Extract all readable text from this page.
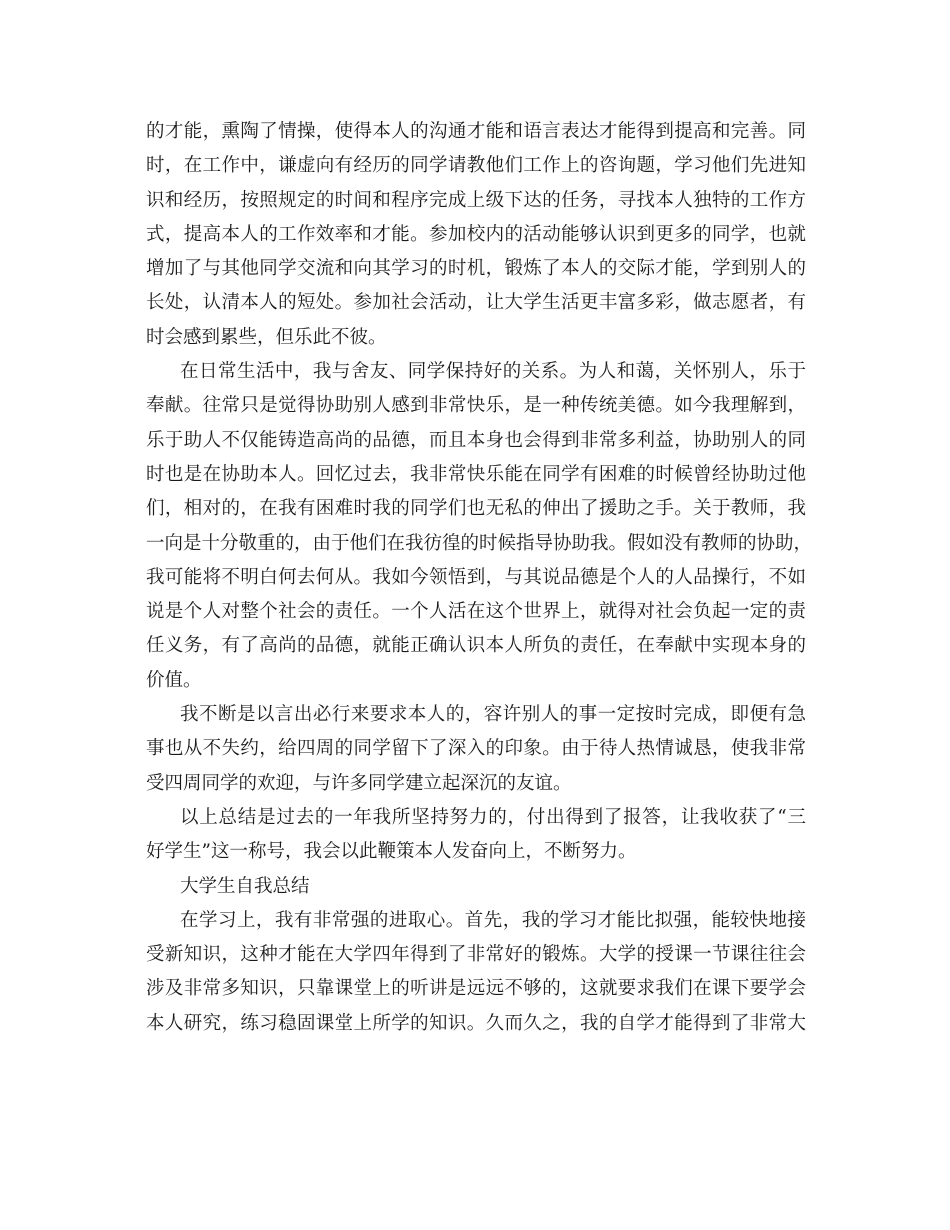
的才能，熏陶了情操，使得本人的沟通才能和语言表达才能得到提高和完善。同
时，在工作中，谦虚向有经历的同学请教他们工作上的咨询题，学习他们先进知
识和经历，按照规定的时间和程序完成上级下达的任务，寻找本人独特的工作方
式，提高本人的工作效率和才能。参加校内的活动能够认识到更多的同学，也就
增加了与其他同学交流和向其学习的时机，锻炼了本人的交际才能，学到别人的
长处，认清本人的短处。参加社会活动，让大学生活更丰富多彩，做志愿者，有
时会感到累些，但乐此不彼。
在日常生活中，我与舍友、同学保持好的关系。为人和蔼，关怀别人，乐于
奉献。往常只是觉得协助别人感到非常快乐，是一种传统美德。如今我理解到，
乐于助人不仅能铸造高尚的品德，而且本身也会得到非常多利益，协助别人的同
时也是在协助本人。回忆过去，我非常快乐能在同学有困难的时候曾经协助过他
们，相对的，在我有困难时我的同学们也无私的伸出了援助之手。关于教师，我
一向是十分敬重的，由于他们在我彷徨的时候指导协助我。假如没有教师的协助，
我可能将不明白何去何从。我如今领悟到，与其说品德是个人的人品操行，不如
说是个人对整个社会的责任。一个人活在这个世界上，就得对社会负起一定的责
任义务，有了高尚的品德，就能正确认识本人所负的责任，在奉献中实现本身的
价值。
我不断是以言出必行来要求本人的，容许别人的事一定按时完成，即便有急
事也从不失约，给四周的同学留下了深入的印象。由于待人热情诚恳，使我非常
受四周同学的欢迎，与许多同学建立起深沉的友谊。
以上总结是过去的一年我所坚持努力的，付出得到了报答，让我收获了“三
好学生”这一称号，我会以此鞭策本人发奋向上，不断努力。
大学生自我总结
在学习上，我有非常强的进取心。首先，我的学习才能比拟强，能较快地接
受新知识，这种才能在大学四年得到了非常好的锻炼。大学的授课一节课往往会
涉及非常多知识，只靠课堂上的听讲是远远不够的，这就要求我们在课下要学会
本人研究，练习稳固课堂上所学的知识。久而久之，我的自学才能得到了非常大
